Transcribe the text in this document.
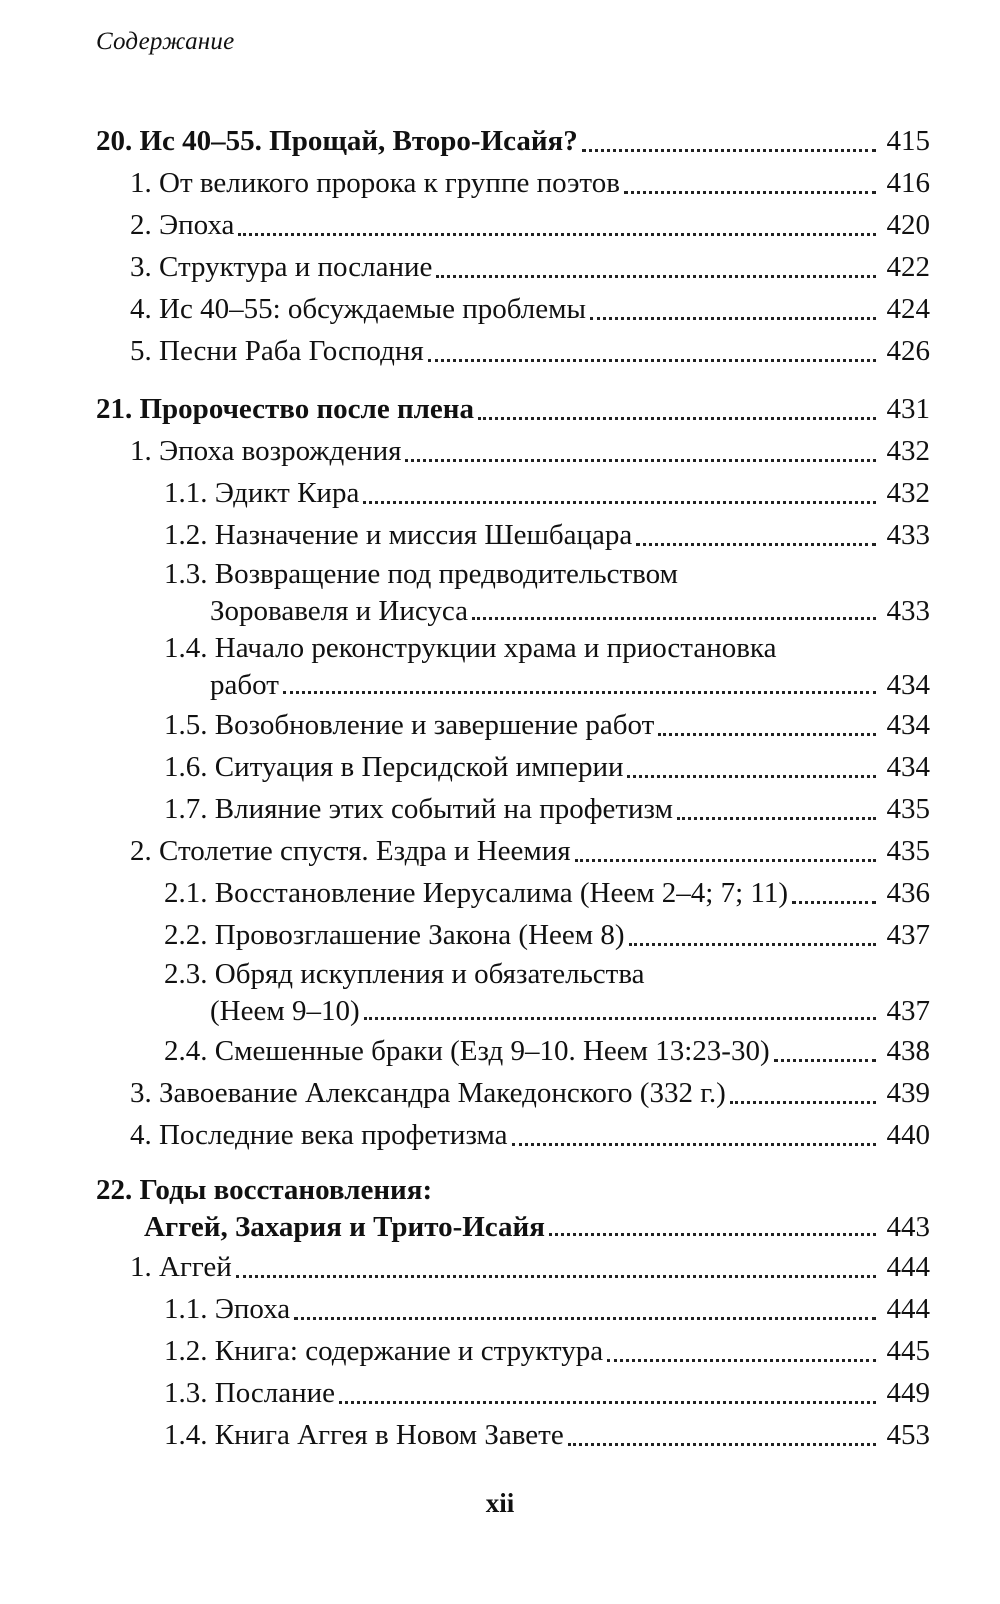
Содержание
20. Ис 40–55. Прощай, Второ-Исайя?	415
1. От великого пророка к группе поэтов	416
2. Эпоха	420
3. Структура и послание	422
4. Ис 40–55: обсуждаемые проблемы	424
5. Песни Раба Господня	426
21. Пророчество после плена	431
1. Эпоха возрождения	432
1.1. Эдикт Кира	432
1.2. Назначение и миссия Шешбацара	433
1.3. Возвращение под предводительством
Зоровавеля и Иисуса	433
1.4. Начало реконструкции храма и приостановка
работ	434
1.5. Возобновление и завершение работ	434
1.6. Ситуация в Персидской империи	434
1.7. Влияние этих событий на профетизм	435
2. Столетие спустя. Ездра и Неемия	435
2.1. Восстановление Иерусалима (Неем 2–4; 7; 11)	436
2.2. Провозглашение Закона (Неем 8)	437
2.3. Обряд искупления и обязательства
(Неем 9–10)	437
2.4. Смешенные браки (Езд 9–10. Неем 13:23-30)	438
3. Завоевание Александра Македонского (332 г.)	439
4. Последние века профетизма	440
22. Годы восстановления:
Аггей, Захария и Трито-Исайя	443
1. Аггей	444
1.1. Эпоха	444
1.2. Книга: содержание и структура	445
1.3. Послание	449
1.4. Книга Аггея в Новом Завете	453
xii
